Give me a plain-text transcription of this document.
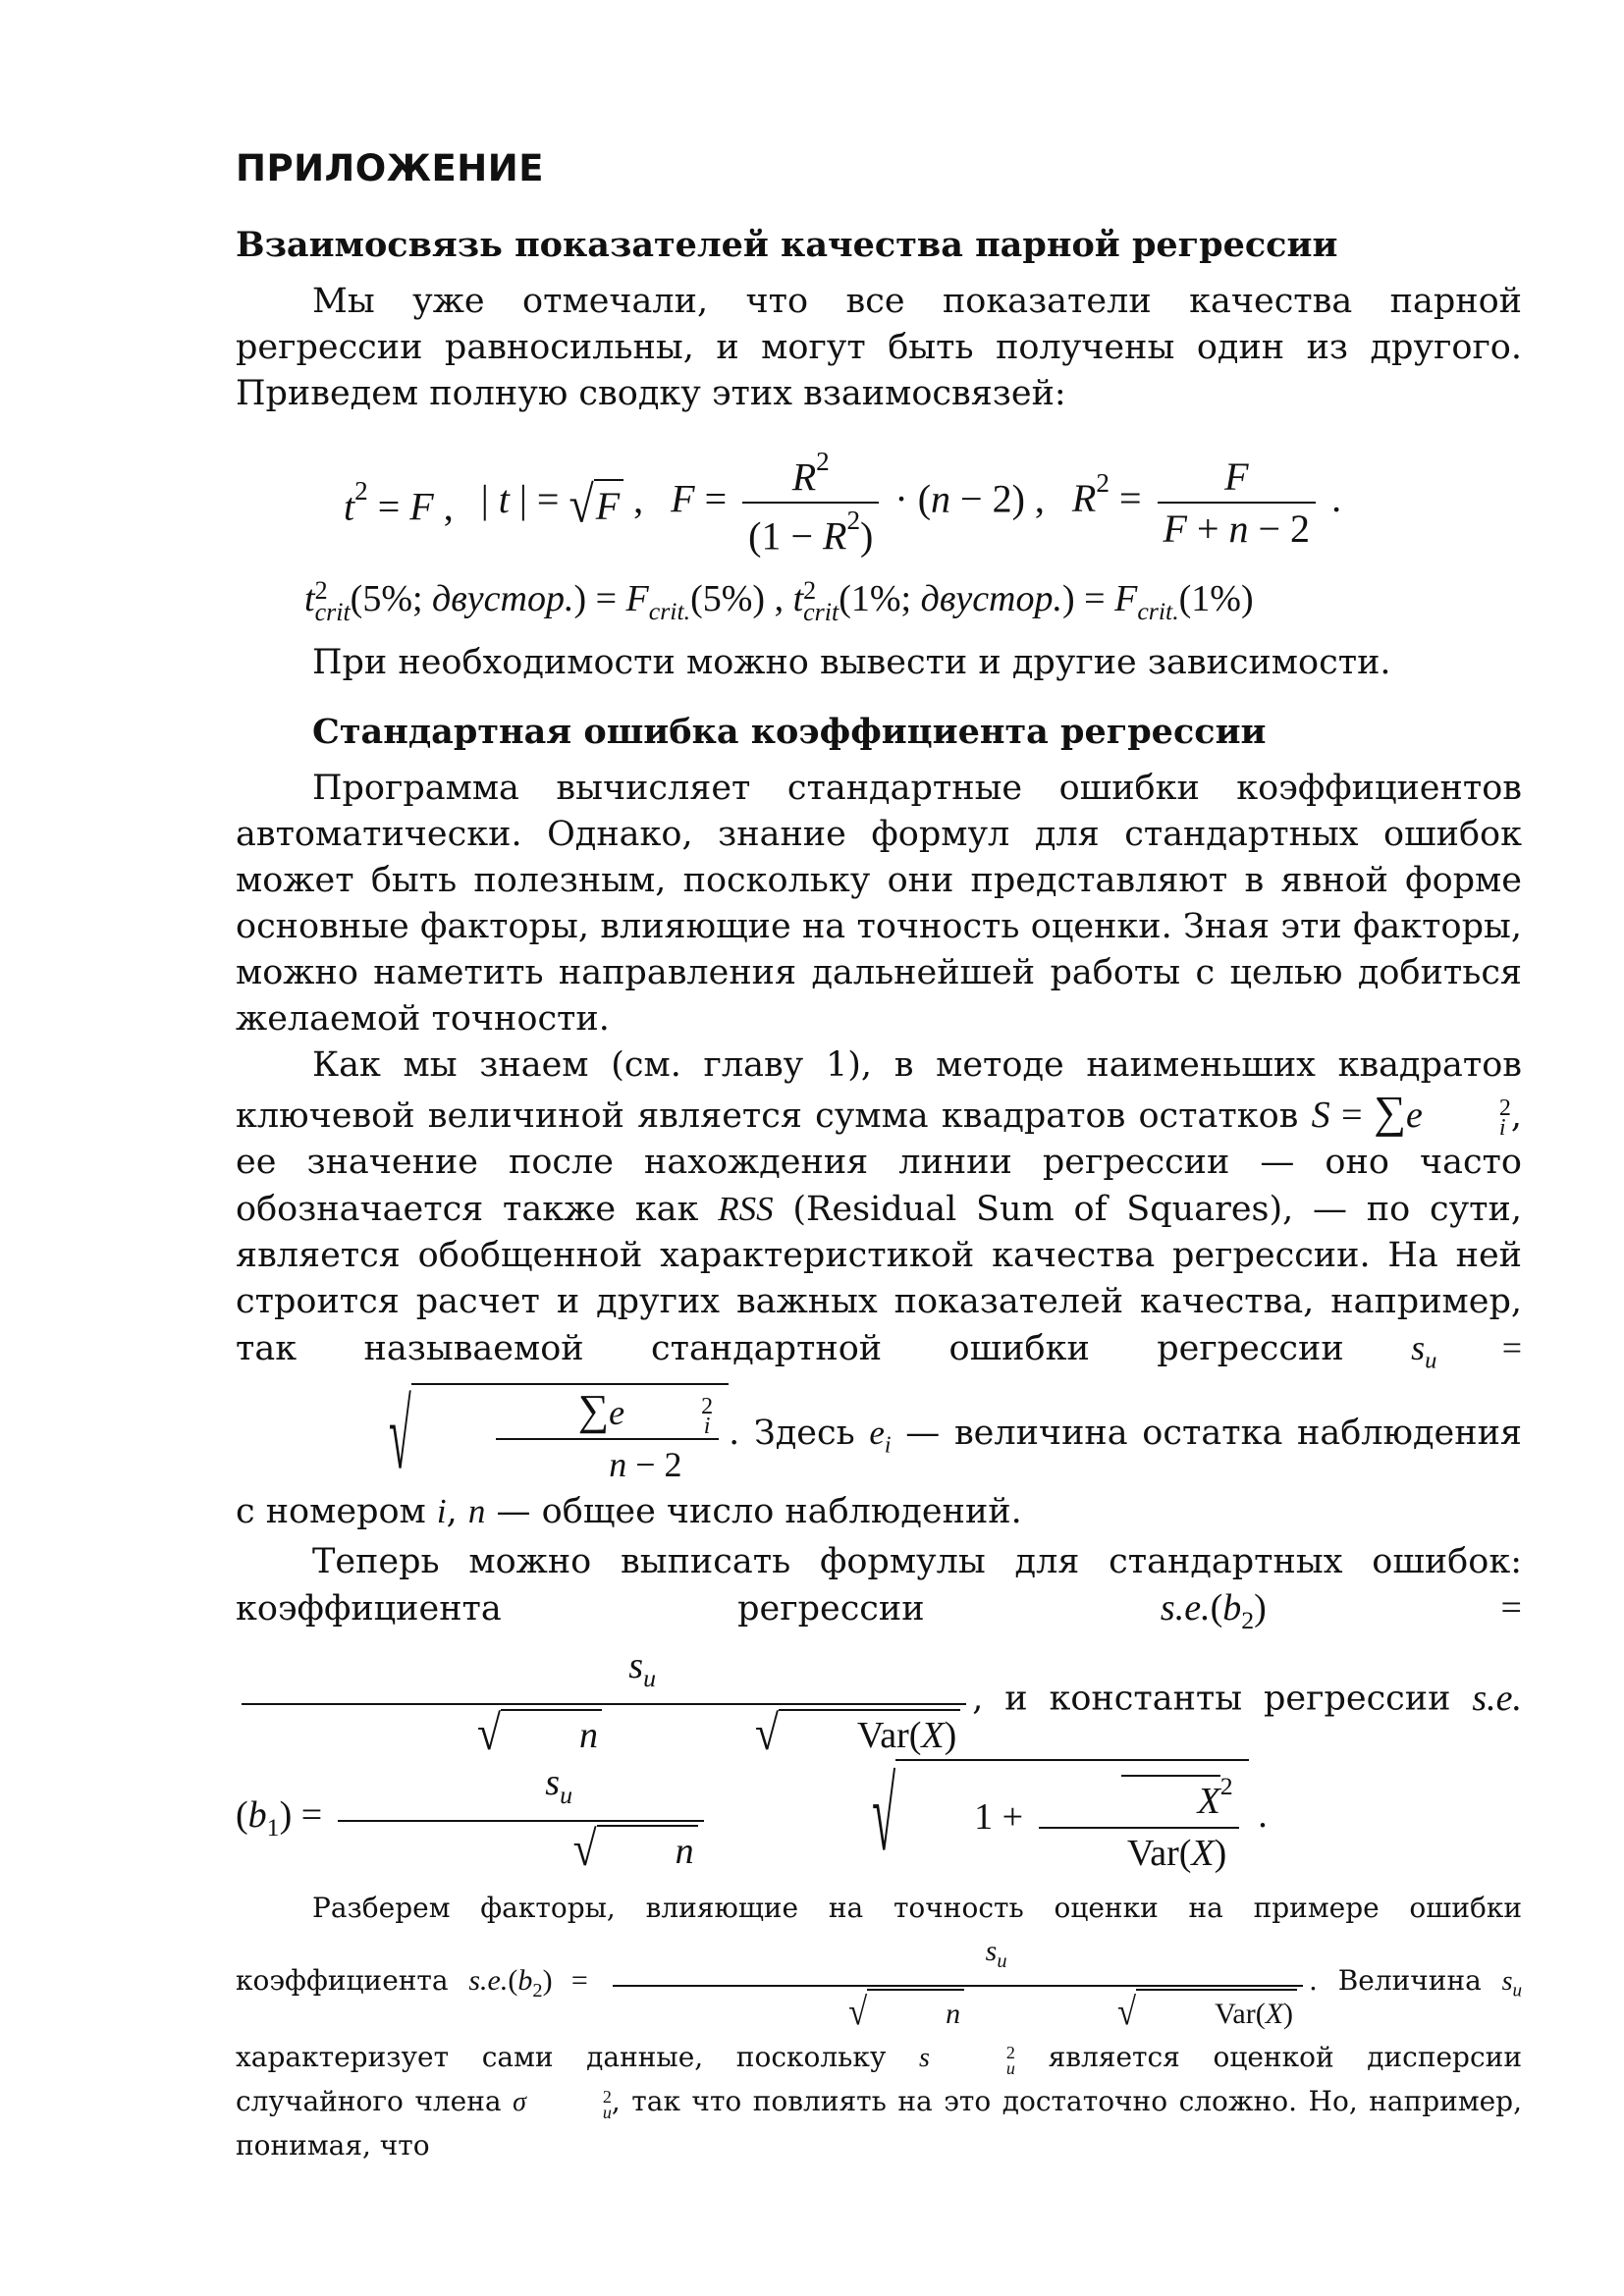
ПРИЛОЖЕНИЕ
Взаимосвязь показателей качества парной регрессии

Мы уже отмечали, что все показатели качества парной регрессии равносильны, и могут быть получены один из другого. Приведем полную сводку этих взаимосвязей:

$t^2 = F$ , | t | = √F , $F = \frac{R^2}{(1 - R^2)} \cdot (n - 2)$ , $R^2 = \frac{F}{F + n - 2}$ .
t 2
crit (5%; двустор.) = $F_{crit.}(5\%)$ , t 2
crit (1%; двустор.) = $F_{crit.}(1\%)$

При необходимости можно вывести и другие зависимости.

Стандартная ошибка коэффициента регрессии

Программа вычисляет стандартные ошибки коэффициентов автоматически. Однако, знание формул для стандартных ошибок может быть полезным, поскольку они представляют в явной форме основные факторы, влияющие на точность оценки. Зная эти факторы, можно наметить направления дальнейшей работы с целью добиться желаемой точности.

Как мы знаем (см. главу 1), в методе наименьших квадратов ключевой величиной является сумма квадратов остатков S = ∑e	2
i , ее значение после нахождения линии регрессии — оно часто обозначается также как RSS (Residual Sum of Squares), — по сути, является обобщенной характеристикой качества регрессии. На ней строится расчет и других важных показателей качества, например, так называемой стандартной ошибки регрессии $s_u$ = √ ∑e	2
i
n − 2 . Здесь $e_i$ — величина остатка наблюдения с номером i, n — общее число наблюдений.

Теперь можно выписать формулы для стандартных ошибок: коэффициента регрессии	$s.e.(b_2)$ =
$s_u$
√ n	√ Var(X) , и константы регрессии $s.e.(b_1) = \frac{s_u}{√ n}$	√ $1 + \frac{X^2}{\text{Var(X)}}$ .

Разберем факторы, влияющие на точность оценки на примере ошибки коэффициента $s.e.(b_2) = s_u$
√	n	√	Var(X) . Величина $s_u$ характеризует сами данные, поскольку s	2
u является оценкой дисперсии случайного члена σ	2
u , так что повлиять на это достаточно сложно. Но, например, понимая, что
